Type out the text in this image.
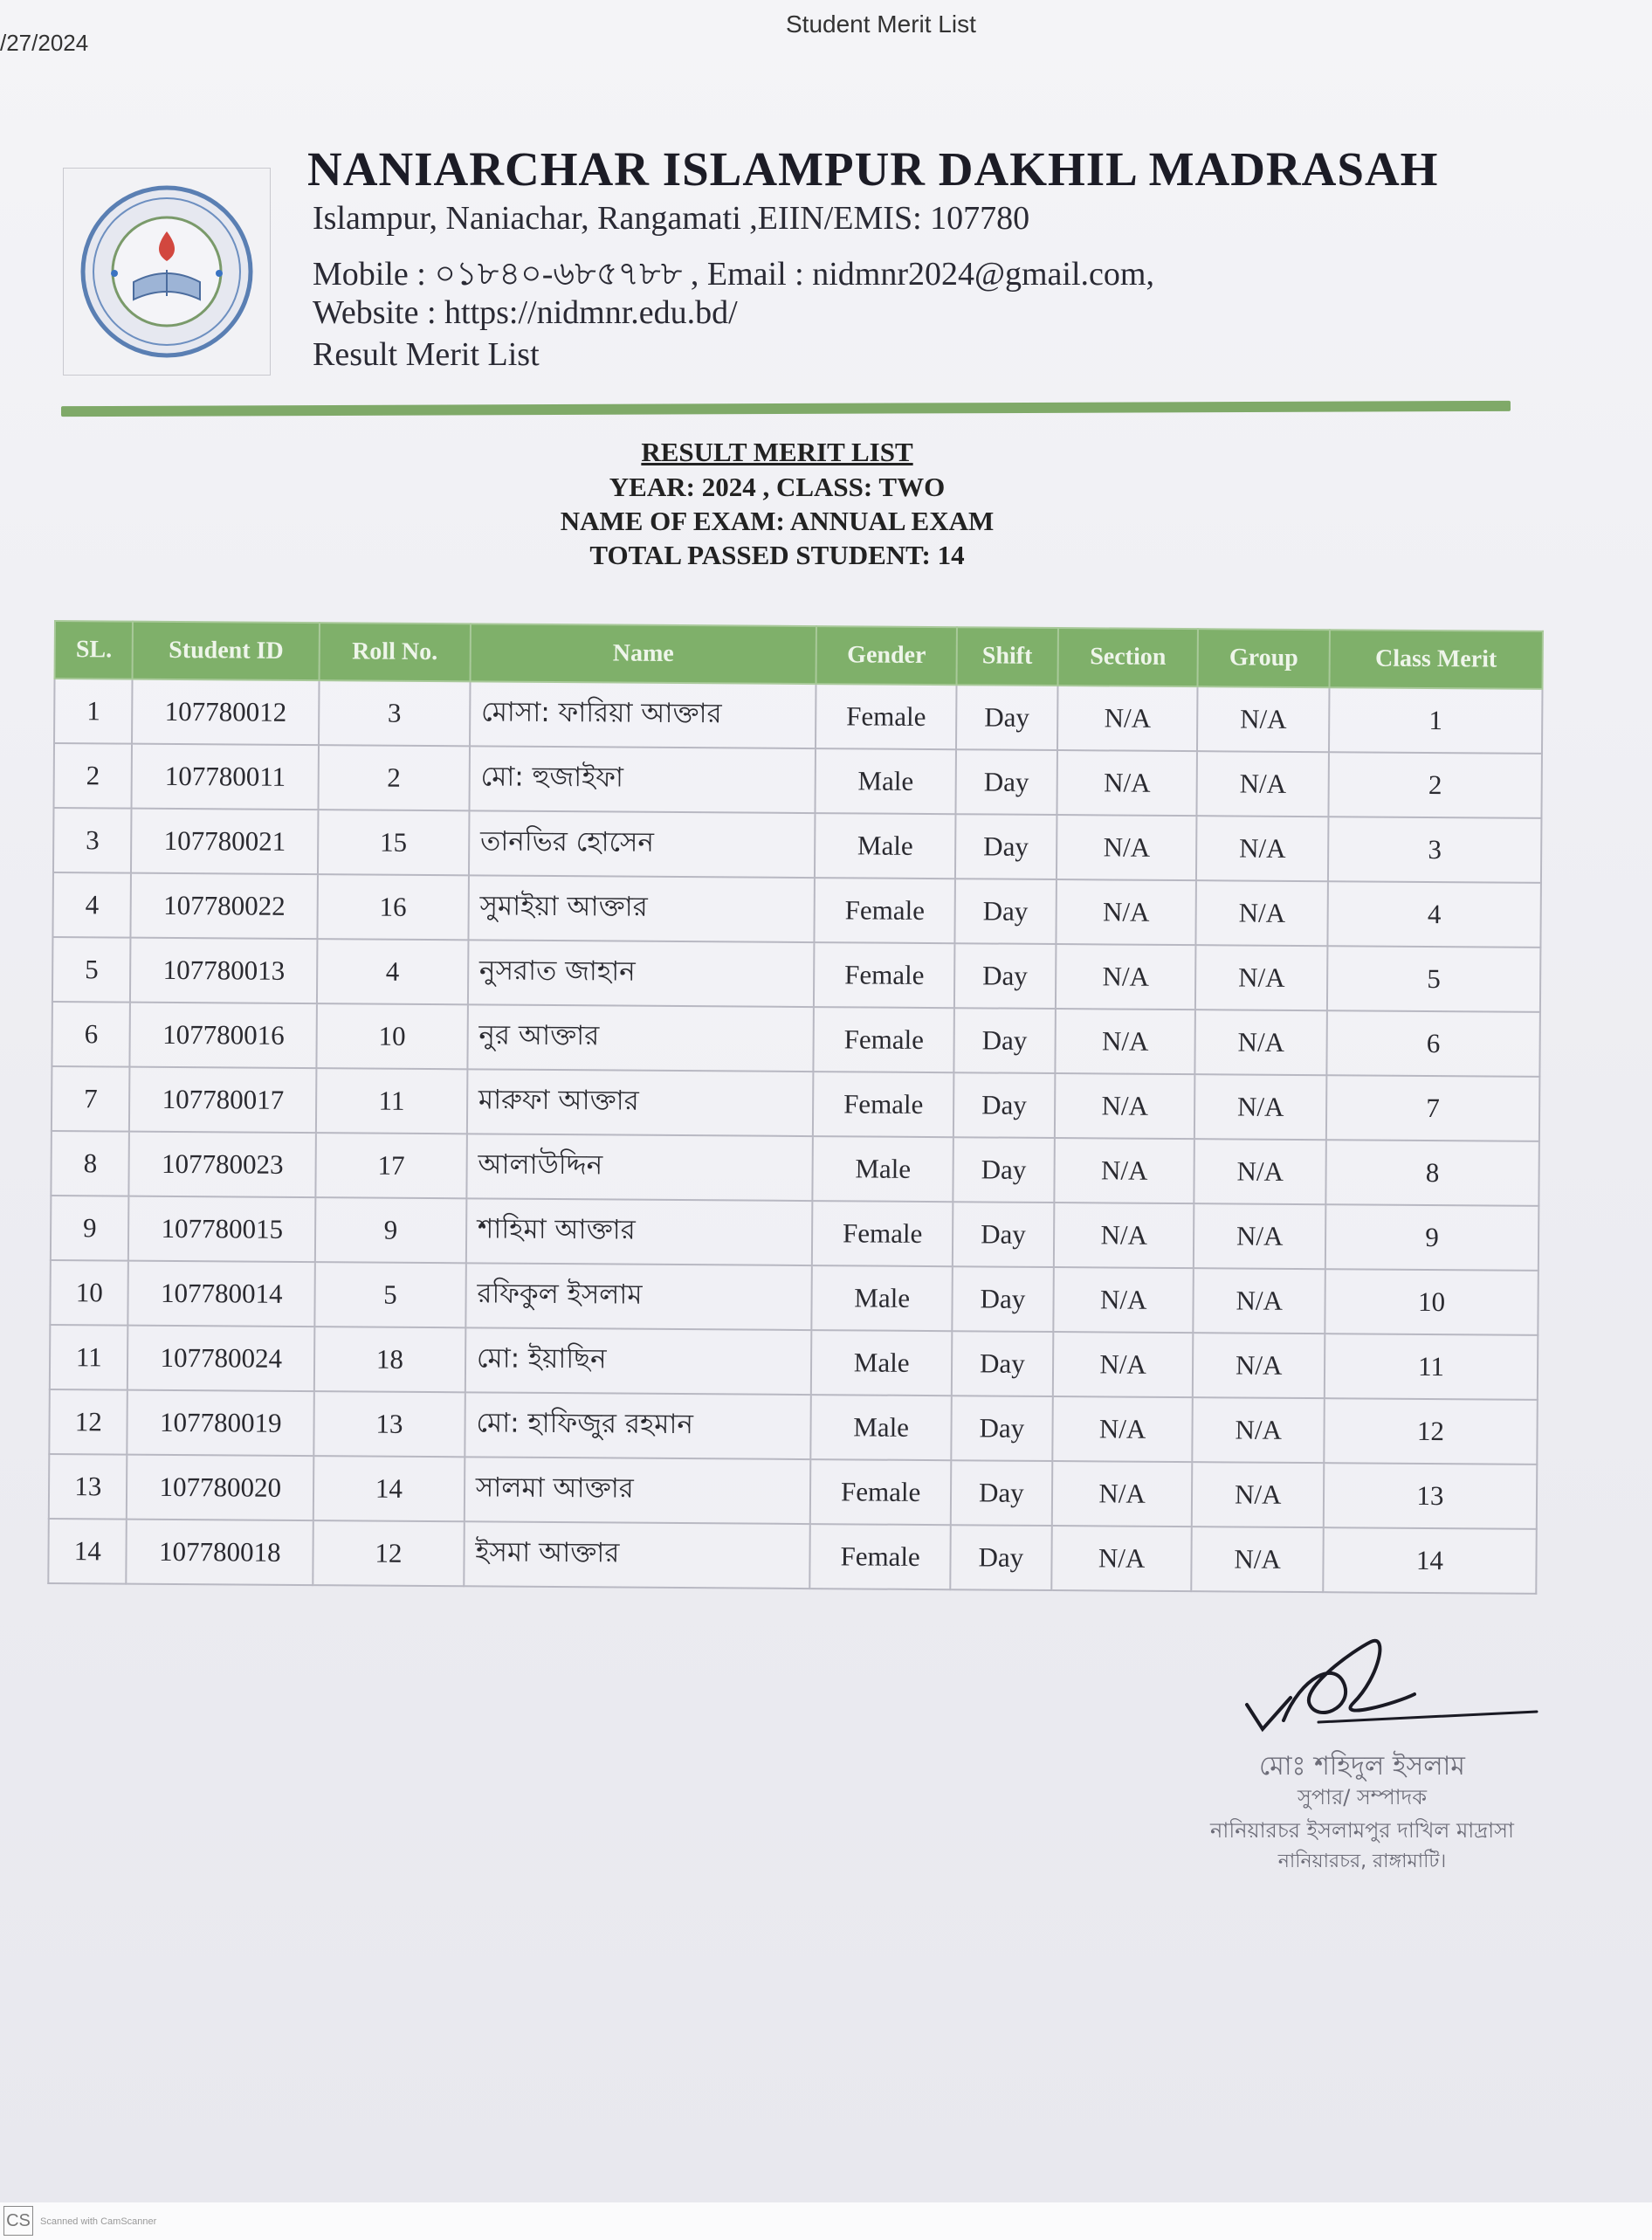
/27/2024
Student Merit List
NANIARCHAR ISLAMPUR DAKHIL MADRASAH
Islampur, Naniachar, Rangamati ,EIIN/EMIS: 107780
Mobile : ০১৮৪০-৬৮৫৭৮৮ , Email : nidmnr2024@gmail.com,
Website : https://nidmnr.edu.bd/
Result Merit List
RESULT MERIT LIST
YEAR: 2024 , CLASS: TWO
NAME OF EXAM: ANNUAL EXAM
TOTAL PASSED STUDENT: 14
SL.	Student ID	Roll No.	Name	Gender	Shift	Section	Group	Class Merit
1	107780012	3	মোসা: ফারিয়া আক্তার	Female	Day	N/A	N/A	1
2	107780011	2	মো: হুজাইফা	Male	Day	N/A	N/A	2
3	107780021	15	তানভির হোসেন	Male	Day	N/A	N/A	3
4	107780022	16	সুমাইয়া আক্তার	Female	Day	N/A	N/A	4
5	107780013	4	নুসরাত জাহান	Female	Day	N/A	N/A	5
6	107780016	10	নুর আক্তার	Female	Day	N/A	N/A	6
7	107780017	11	মারুফা আক্তার	Female	Day	N/A	N/A	7
8	107780023	17	আলাউদ্দিন	Male	Day	N/A	N/A	8
9	107780015	9	শাহিমা আক্তার	Female	Day	N/A	N/A	9
10	107780014	5	রফিকুল ইসলাম	Male	Day	N/A	N/A	10
11	107780024	18	মো: ইয়াছিন	Male	Day	N/A	N/A	11
12	107780019	13	মো: হাফিজুর রহমান	Male	Day	N/A	N/A	12
13	107780020	14	সালমা আক্তার	Female	Day	N/A	N/A	13
14	107780018	12	ইসমা আক্তার	Female	Day	N/A	N/A	14
মোঃ শহিদুল ইসলাম
সুপার/ সম্পাদক
নানিয়ারচর ইসলামপুর দাখিল মাদ্রাসা
নানিয়ারচর, রাঙ্গামাটি।
CS Scanned with CamScanner
